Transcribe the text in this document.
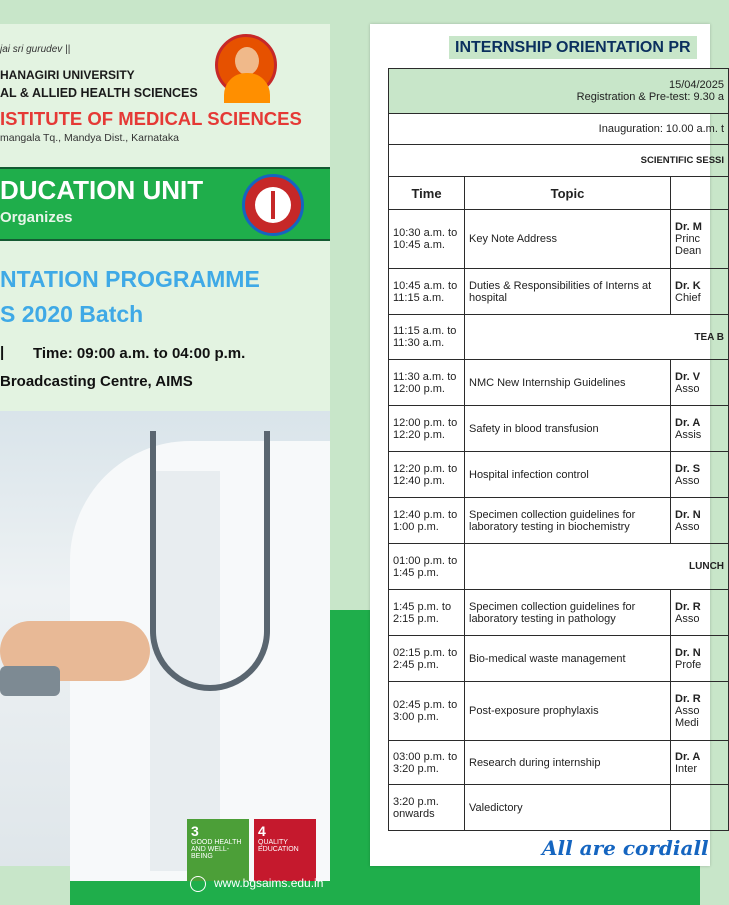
jai sri gurudev ||
HANAGIRI UNIVERSITY
AL & ALLIED HEALTH SCIENCES
ISTITUTE OF MEDICAL SCIENCES
mangala Tq., Mandya Dist., Karnataka
DUCATION UNIT
Organizes
NTATION PROGRAMME
S 2020 Batch
| Time: 09:00 a.m. to 04:00 p.m.
Broadcasting Centre, AIMS
3
GOOD HEALTH AND WELL-BEING
4
QUALITY EDUCATION
www.bgsaims.edu.in
INTERNSHIP ORIENTATION PR
15/04/2025
Registration & Pre-test: 9.30 a		

Inauguration: 10.00 a.m. t		
SCIENTIFIC SESSI		
Time	Topic	
10:30 a.m. to 10:45 a.m.	Key Note Address	Dr. M
Princ
Dean

10:45 a.m. to 11:15 a.m.	Duties & Responsibilities of Interns at hospital	Dr. K
Chief

11:15 a.m. to 11:30 a.m.	TEA B	
11:30 a.m. to 12:00 p.m.	NMC New Internship Guidelines	Dr. V
Asso

12:00 p.m. to 12:20 p.m.	Safety in blood transfusion	Dr. A
Assis

12:20 p.m. to 12:40 p.m.	Hospital infection control	Dr. S
Asso

12:40 p.m. to 1:00 p.m.	Specimen collection guidelines for laboratory testing in biochemistry	Dr. N
Asso

01:00 p.m. to 1:45 p.m.	LUNCH	
1:45 p.m. to 2:15 p.m.	Specimen collection guidelines for laboratory testing in pathology	Dr. R
Asso

02:15 p.m. to 2:45 p.m.	Bio-medical waste management	Dr. N
Profe

02:45 p.m. to 3:00 p.m.	Post-exposure prophylaxis	Dr. R
Asso
Medi

03:00 p.m. to 3:20 p.m.	Research during internship	Dr. A
Inter

3:20 p.m. onwards	Valedictory	
All are cordiall
